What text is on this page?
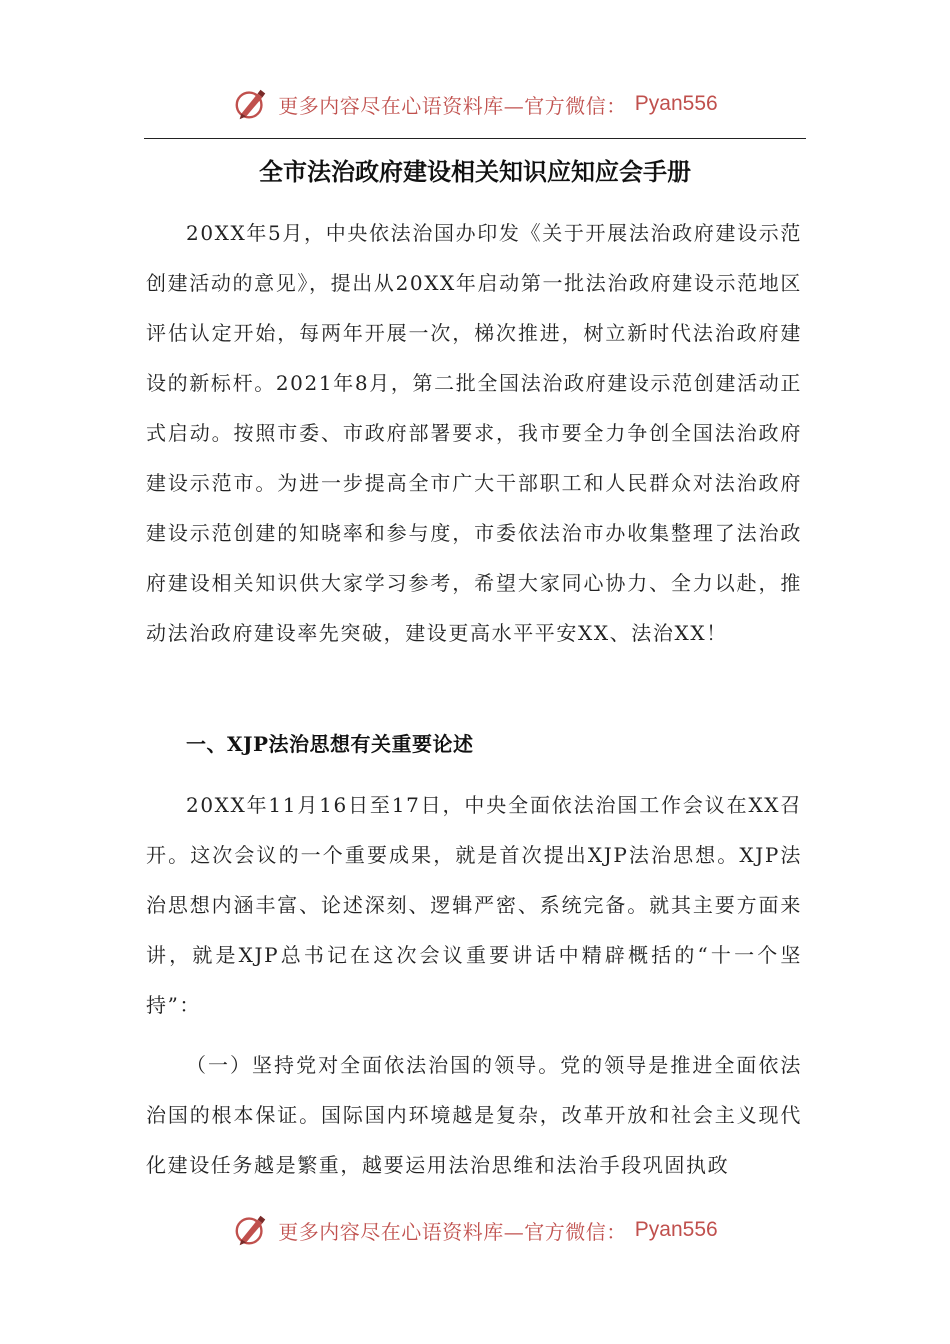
更多内容尽在心语资料库—官方微信： Pyan556
全市法治政府建设相关知识应知应会手册

20XX年5月，中央依法治国办印发《关于开展法治政府建设示范创建活动的意见》，提出从20XX年启动第一批法治政府建设示范地区评估认定开始，每两年开展一次，梯次推进，树立新时代法治政府建设的新标杆。2021年8月，第二批全国法治政府建设示范创建活动正式启动。按照市委、市政府部署要求，我市要全力争创全国法治政府建设示范市。为进一步提高全市广大干部职工和人民群众对法治政府建设示范创建的知晓率和参与度，市委依法治市办收集整理了法治政府建设相关知识供大家学习参考，希望大家同心协力、全力以赴，推动法治政府建设率先突破，建设更高水平平安XX、法治XX！

一、XJP法治思想有关重要论述

20XX年11月16日至17日，中央全面依法治国工作会议在XX召开。这次会议的一个重要成果，就是首次提出XJP法治思想。XJP法治思想内涵丰富、论述深刻、逻辑严密、系统完备。就其主要方面来讲，就是XJP总书记在这次会议重要讲话中精辟概括的“十一个坚持”：

（一）坚持党对全面依法治国的领导。党的领导是推进全面依法治国的根本保证。国际国内环境越是复杂，改革开放和社会主义现代化建设任务越是繁重，越要运用法治思维和法治手段巩固执政

更多内容尽在心语资料库—官方微信： Pyan556
